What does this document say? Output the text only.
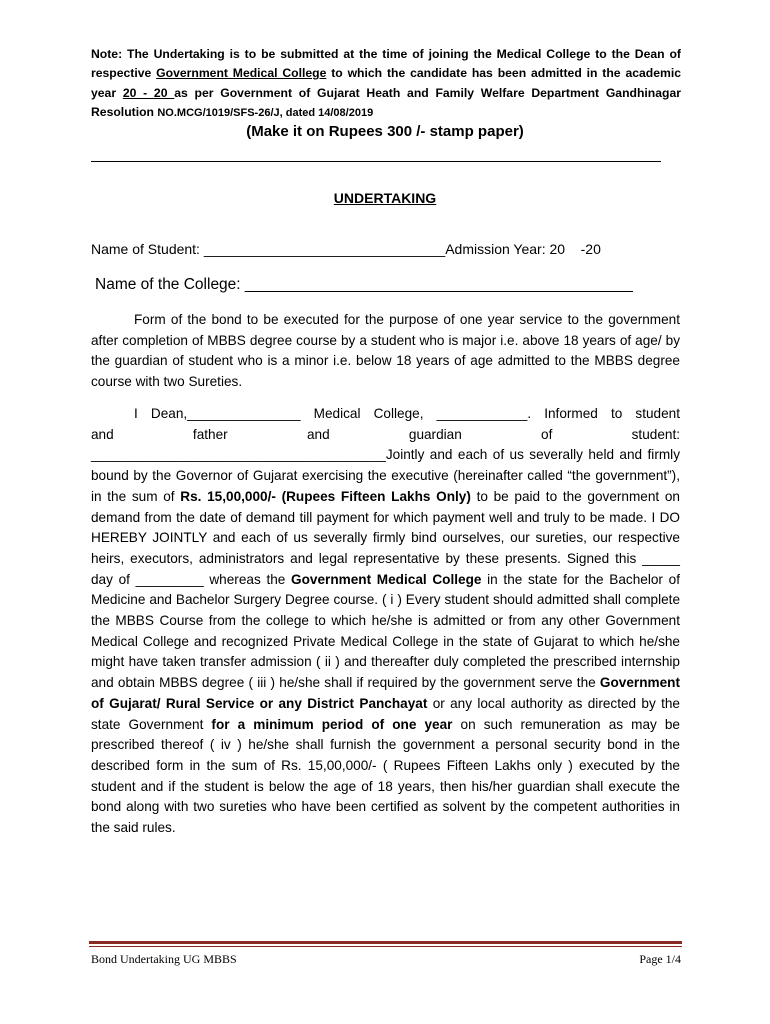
Note: The Undertaking is to be submitted at the time of joining the Medical College to the Dean of respective Government Medical College to which the candidate has been admitted in the academic year 20 - 20 as per Government of Gujarat Heath and Family Welfare Department Gandhinagar Resolution NO.MCG/1019/SFS-26/J, dated 14/08/2019
(Make it on Rupees 300 /- stamp paper)
UNDERTAKING
Name of Student: _______________________________Admission Year: 20    -20
Name of the College: _____________________________________________
Form of the bond to be executed for the purpose of one year service to the government after completion of MBBS degree course by a student who is major i.e. above 18 years of age/ by the guardian of student who is a minor i.e. below 18 years of age admitted to the MBBS degree course with two Sureties.
I Dean,_______________ Medical College, ____________. Informed to student
and father and guardian of student:
_______________________________________Jointly and each of us severally held and firmly bound by the Governor of Gujarat exercising the executive (hereinafter called “the government”), in the sum of Rs. 15,00,000/- (Rupees Fifteen Lakhs Only) to be paid to the government on demand from the date of demand till payment for which payment well and truly to be made. I DO HEREBY JOINTLY and each of us severally firmly bind ourselves, our sureties, our respective heirs, executors, administrators and legal representative by these presents. Signed this _____ day of _________ whereas the Government Medical College in the state for the Bachelor of Medicine and Bachelor Surgery Degree course. ( i ) Every student should admitted shall complete the MBBS Course from the college to which he/she is admitted or from any other Government Medical College and recognized Private Medical College in the state of Gujarat to which he/she might have taken transfer admission ( ii ) and thereafter duly completed the prescribed internship and obtain MBBS degree ( iii ) he/she shall if required by the government serve the Government of Gujarat/ Rural Service or any District Panchayat or any local authority as directed by the state Government for a minimum period of one year on such remuneration as may be prescribed thereof ( iv ) he/she shall furnish the government a personal security bond in the described form in the sum of Rs. 15,00,000/- ( Rupees Fifteen Lakhs only ) executed by the student and if the student is below the age of 18 years, then his/her guardian shall execute the bond along with two sureties who have been certified as solvent by the competent authorities in the said rules.
Bond Undertaking UG MBBS	Page 1/4
